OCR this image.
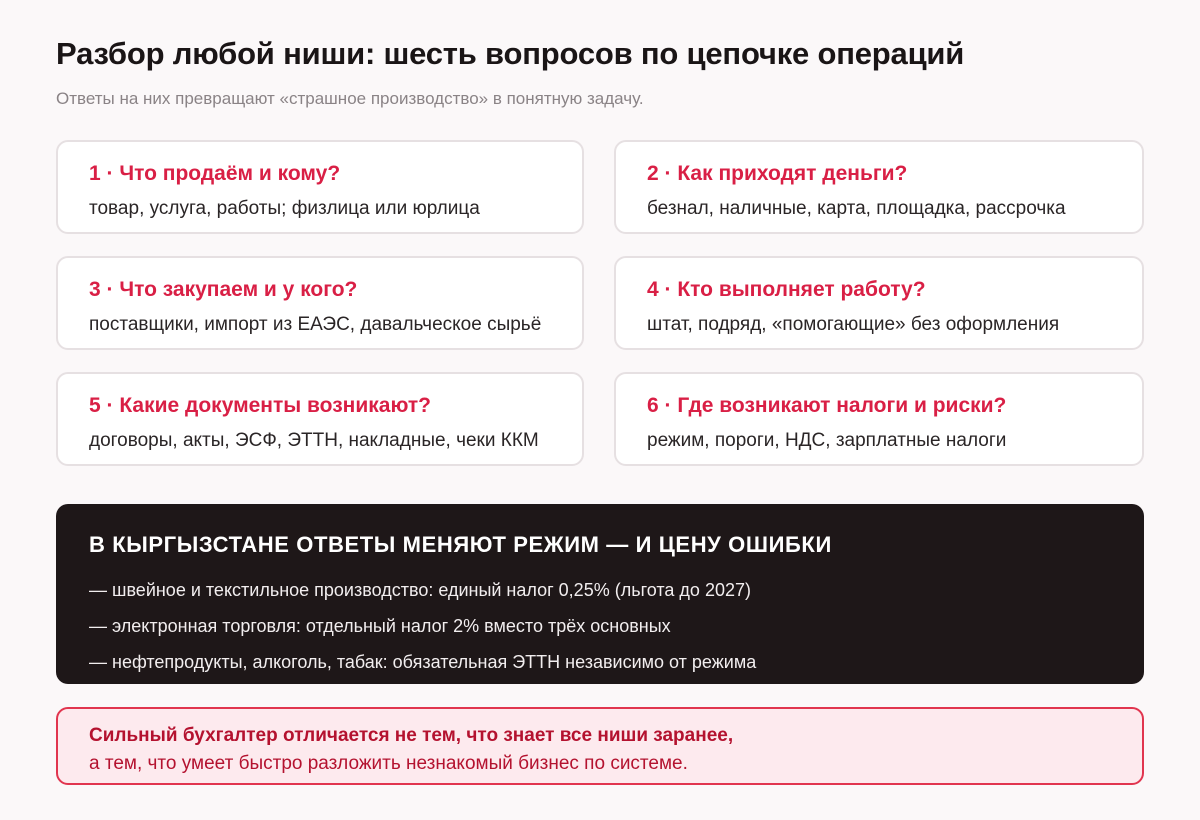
Разбор любой ниши: шесть вопросов по цепочке операций
Ответы на них превращают «страшное производство» в понятную задачу.
1 · Что продаём и кому?
товар, услуга, работы; физлица или юрлица
2 · Как приходят деньги?
безнал, наличные, карта, площадка, рассрочка
3 · Что закупаем и у кого?
поставщики, импорт из ЕАЭС, давальческое сырьё
4 · Кто выполняет работу?
штат, подряд, «помогающие» без оформления
5 · Какие документы возникают?
договоры, акты, ЭСФ, ЭТТН, накладные, чеки ККМ
6 · Где возникают налоги и риски?
режим, пороги, НДС, зарплатные налоги
В КЫРГЫЗСТАНЕ ОТВЕТЫ МЕНЯЮТ РЕЖИМ — И ЦЕНУ ОШИБКИ
— швейное и текстильное производство: единый налог 0,25% (льгота до 2027)
— электронная торговля: отдельный налог 2% вместо трёх основных
— нефтепродукты, алкоголь, табак: обязательная ЭТТН независимо от режима
Сильный бухгалтер отличается не тем, что знает все ниши заранее,
а тем, что умеет быстро разложить незнакомый бизнес по системе.
